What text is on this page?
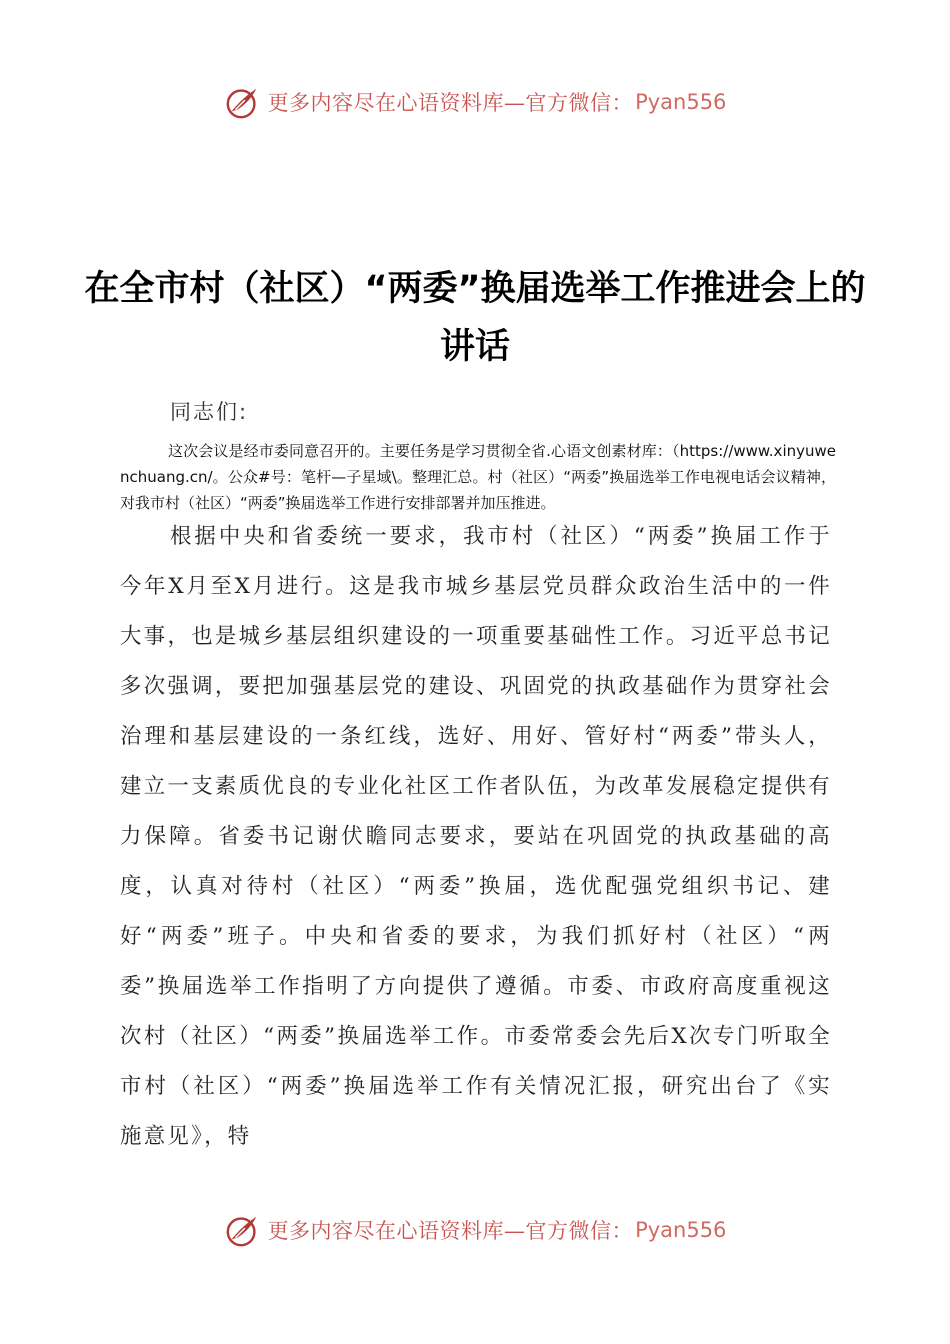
更多内容尽在心语资料库—官方微信： Pyan556
在全市村（社区）“两委”换届选举工作推进会上的讲话
同志们:
这次会议是经市委同意召开的。主要任务是学习贯彻全省.心语文创素材库：（https://www.xinyuwenchuang.cn/。公众#号：笔杆—子星域\。整理汇总。村（社区）“两委”换届选举工作电视电话会议精神，对我市村（社区）“两委”换届选举工作进行安排部署并加压推进。
根据中央和省委统一要求，我市村（社区）“两委”换届工作于今年X月至X月进行。这是我市城乡基层党员群众政治生活中的一件大事，也是城乡基层组织建设的一项重要基础性工作。习近平总书记多次强调，要把加强基层党的建设、巩固党的执政基础作为贯穿社会治理和基层建设的一条红线，选好、用好、管好村“两委”带头人，建立一支素质优良的专业化社区工作者队伍，为改革发展稳定提供有力保障。省委书记谢伏瞻同志要求，要站在巩固党的执政基础的高度，认真对待村（社区）“两委”换届，选优配强党组织书记、建好“两委”班子。中央和省委的要求，为我们抓好村（社区）“两委”换届选举工作指明了方向提供了遵循。市委、市政府高度重视这次村（社区）“两委”换届选举工作。市委常委会先后X次专门听取全市村（社区）“两委”换届选举工作有关情况汇报，研究出台了《实施意见》，特
更多内容尽在心语资料库—官方微信： Pyan556
